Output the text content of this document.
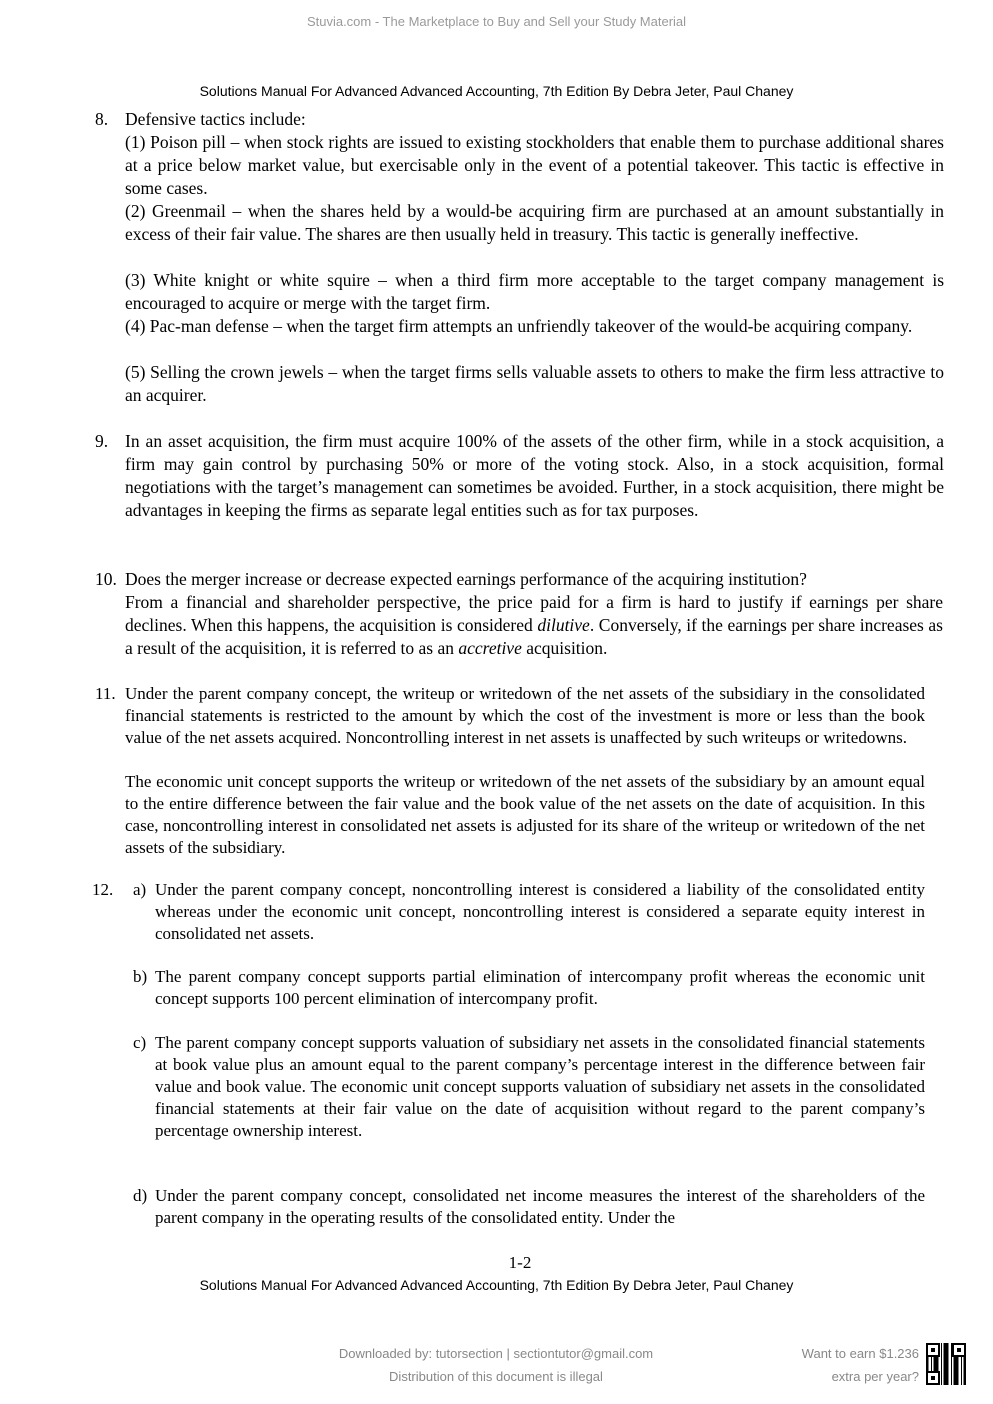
Stuvia.com - The Marketplace to Buy and Sell your Study Material
Solutions Manual For Advanced Advanced Accounting, 7th Edition By Debra Jeter, Paul Chaney
8. Defensive tactics include:
(1) Poison pill – when stock rights are issued to existing stockholders that enable them to purchase additional shares at a price below market value, but exercisable only in the event of a potential takeover. This tactic is effective in some cases.
(2) Greenmail – when the shares held by a would-be acquiring firm are purchased at an amount substantially in excess of their fair value. The shares are then usually held in treasury. This tactic is generally ineffective.
(3) White knight or white squire – when a third firm more acceptable to the target company management is encouraged to acquire or merge with the target firm.
(4) Pac-man defense – when the target firm attempts an unfriendly takeover of the would-be acquiring company.
(5) Selling the crown jewels – when the target firms sells valuable assets to others to make the firm less attractive to an acquirer.
9. In an asset acquisition, the firm must acquire 100% of the assets of the other firm, while in a stock acquisition, a firm may gain control by purchasing 50% or more of the voting stock. Also, in a stock acquisition, formal negotiations with the target’s management can sometimes be avoided. Further, in a stock acquisition, there might be advantages in keeping the firms as separate legal entities such as for tax purposes.
10. Does the merger increase or decrease expected earnings performance of the acquiring institution?
From a financial and shareholder perspective, the price paid for a firm is hard to justify if earnings per share declines. When this happens, the acquisition is considered dilutive. Conversely, if the earnings per share increases as a result of the acquisition, it is referred to as an accretive acquisition.
11. Under the parent company concept, the writeup or writedown of the net assets of the subsidiary in the consolidated financial statements is restricted to the amount by which the cost of the investment is more or less than the book value of the net assets acquired. Noncontrolling interest in net assets is unaffected by such writeups or writedowns.
The economic unit concept supports the writeup or writedown of the net assets of the subsidiary by an amount equal to the entire difference between the fair value and the book value of the net assets on the date of acquisition. In this case, noncontrolling interest in consolidated net assets is adjusted for its share of the writeup or writedown of the net assets of the subsidiary.
12. a) Under the parent company concept, noncontrolling interest is considered a liability of the consolidated entity whereas under the economic unit concept, noncontrolling interest is considered a separate equity interest in consolidated net assets.
b) The parent company concept supports partial elimination of intercompany profit whereas the economic unit concept supports 100 percent elimination of intercompany profit.
c) The parent company concept supports valuation of subsidiary net assets in the consolidated financial statements at book value plus an amount equal to the parent company’s percentage interest in the difference between fair value and book value. The economic unit concept supports valuation of subsidiary net assets in the consolidated financial statements at their fair value on the date of acquisition without regard to the parent company’s percentage ownership interest.
d) Under the parent company concept, consolidated net income measures the interest of the shareholders of the parent company in the operating results of the consolidated entity. Under the
1-2
Solutions Manual For Advanced Advanced Accounting, 7th Edition By Debra Jeter, Paul Chaney
Downloaded by: tutorsection | sectiontutor@gmail.com
Distribution of this document is illegal
Want to earn $1.236
extra per year?
